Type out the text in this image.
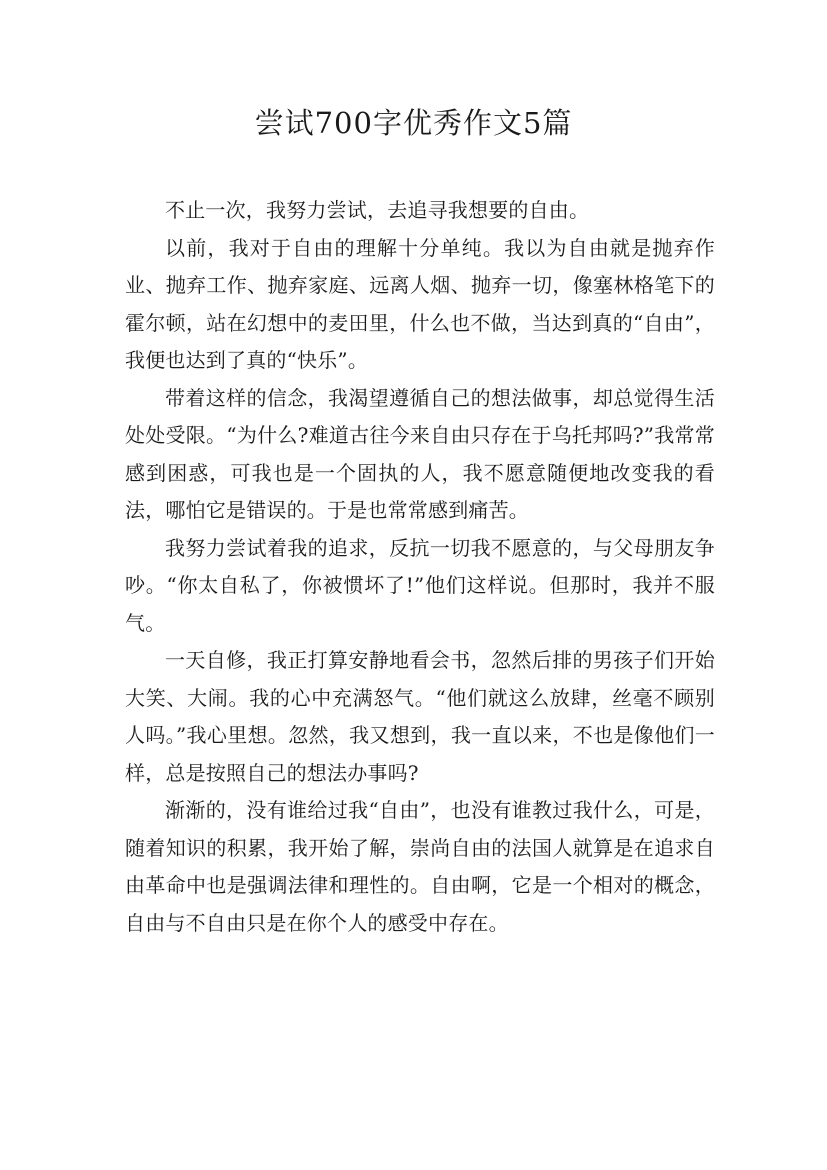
尝试700字优秀作文5篇

不止一次，我努力尝试，去追寻我想要的自由。

以前，我对于自由的理解十分单纯。我以为自由就是抛弃作业、抛弃工作、抛弃家庭、远离人烟、抛弃一切，像塞林格笔下的霍尔顿，站在幻想中的麦田里，什么也不做，当达到真的“自由”，我便也达到了真的“快乐”。

带着这样的信念，我渴望遵循自己的想法做事，却总觉得生活处处受限。“为什么?难道古往今来自由只存在于乌托邦吗?”我常常感到困惑，可我也是一个固执的人，我不愿意随便地改变我的看法，哪怕它是错误的。于是也常常感到痛苦。

我努力尝试着我的追求，反抗一切我不愿意的，与父母朋友争吵。“你太自私了，你被惯坏了!”他们这样说。但那时，我并不服气。

一天自修，我正打算安静地看会书，忽然后排的男孩子们开始大笑、大闹。我的心中充满怒气。“他们就这么放肆，丝毫不顾别人吗。”我心里想。忽然，我又想到，我一直以来，不也是像他们一样，总是按照自己的想法办事吗?

渐渐的，没有谁给过我“自由”，也没有谁教过我什么，可是，随着知识的积累，我开始了解，崇尚自由的法国人就算是在追求自由革命中也是强调法律和理性的。自由啊，它是一个相对的概念，自由与不自由只是在你个人的感受中存在。
